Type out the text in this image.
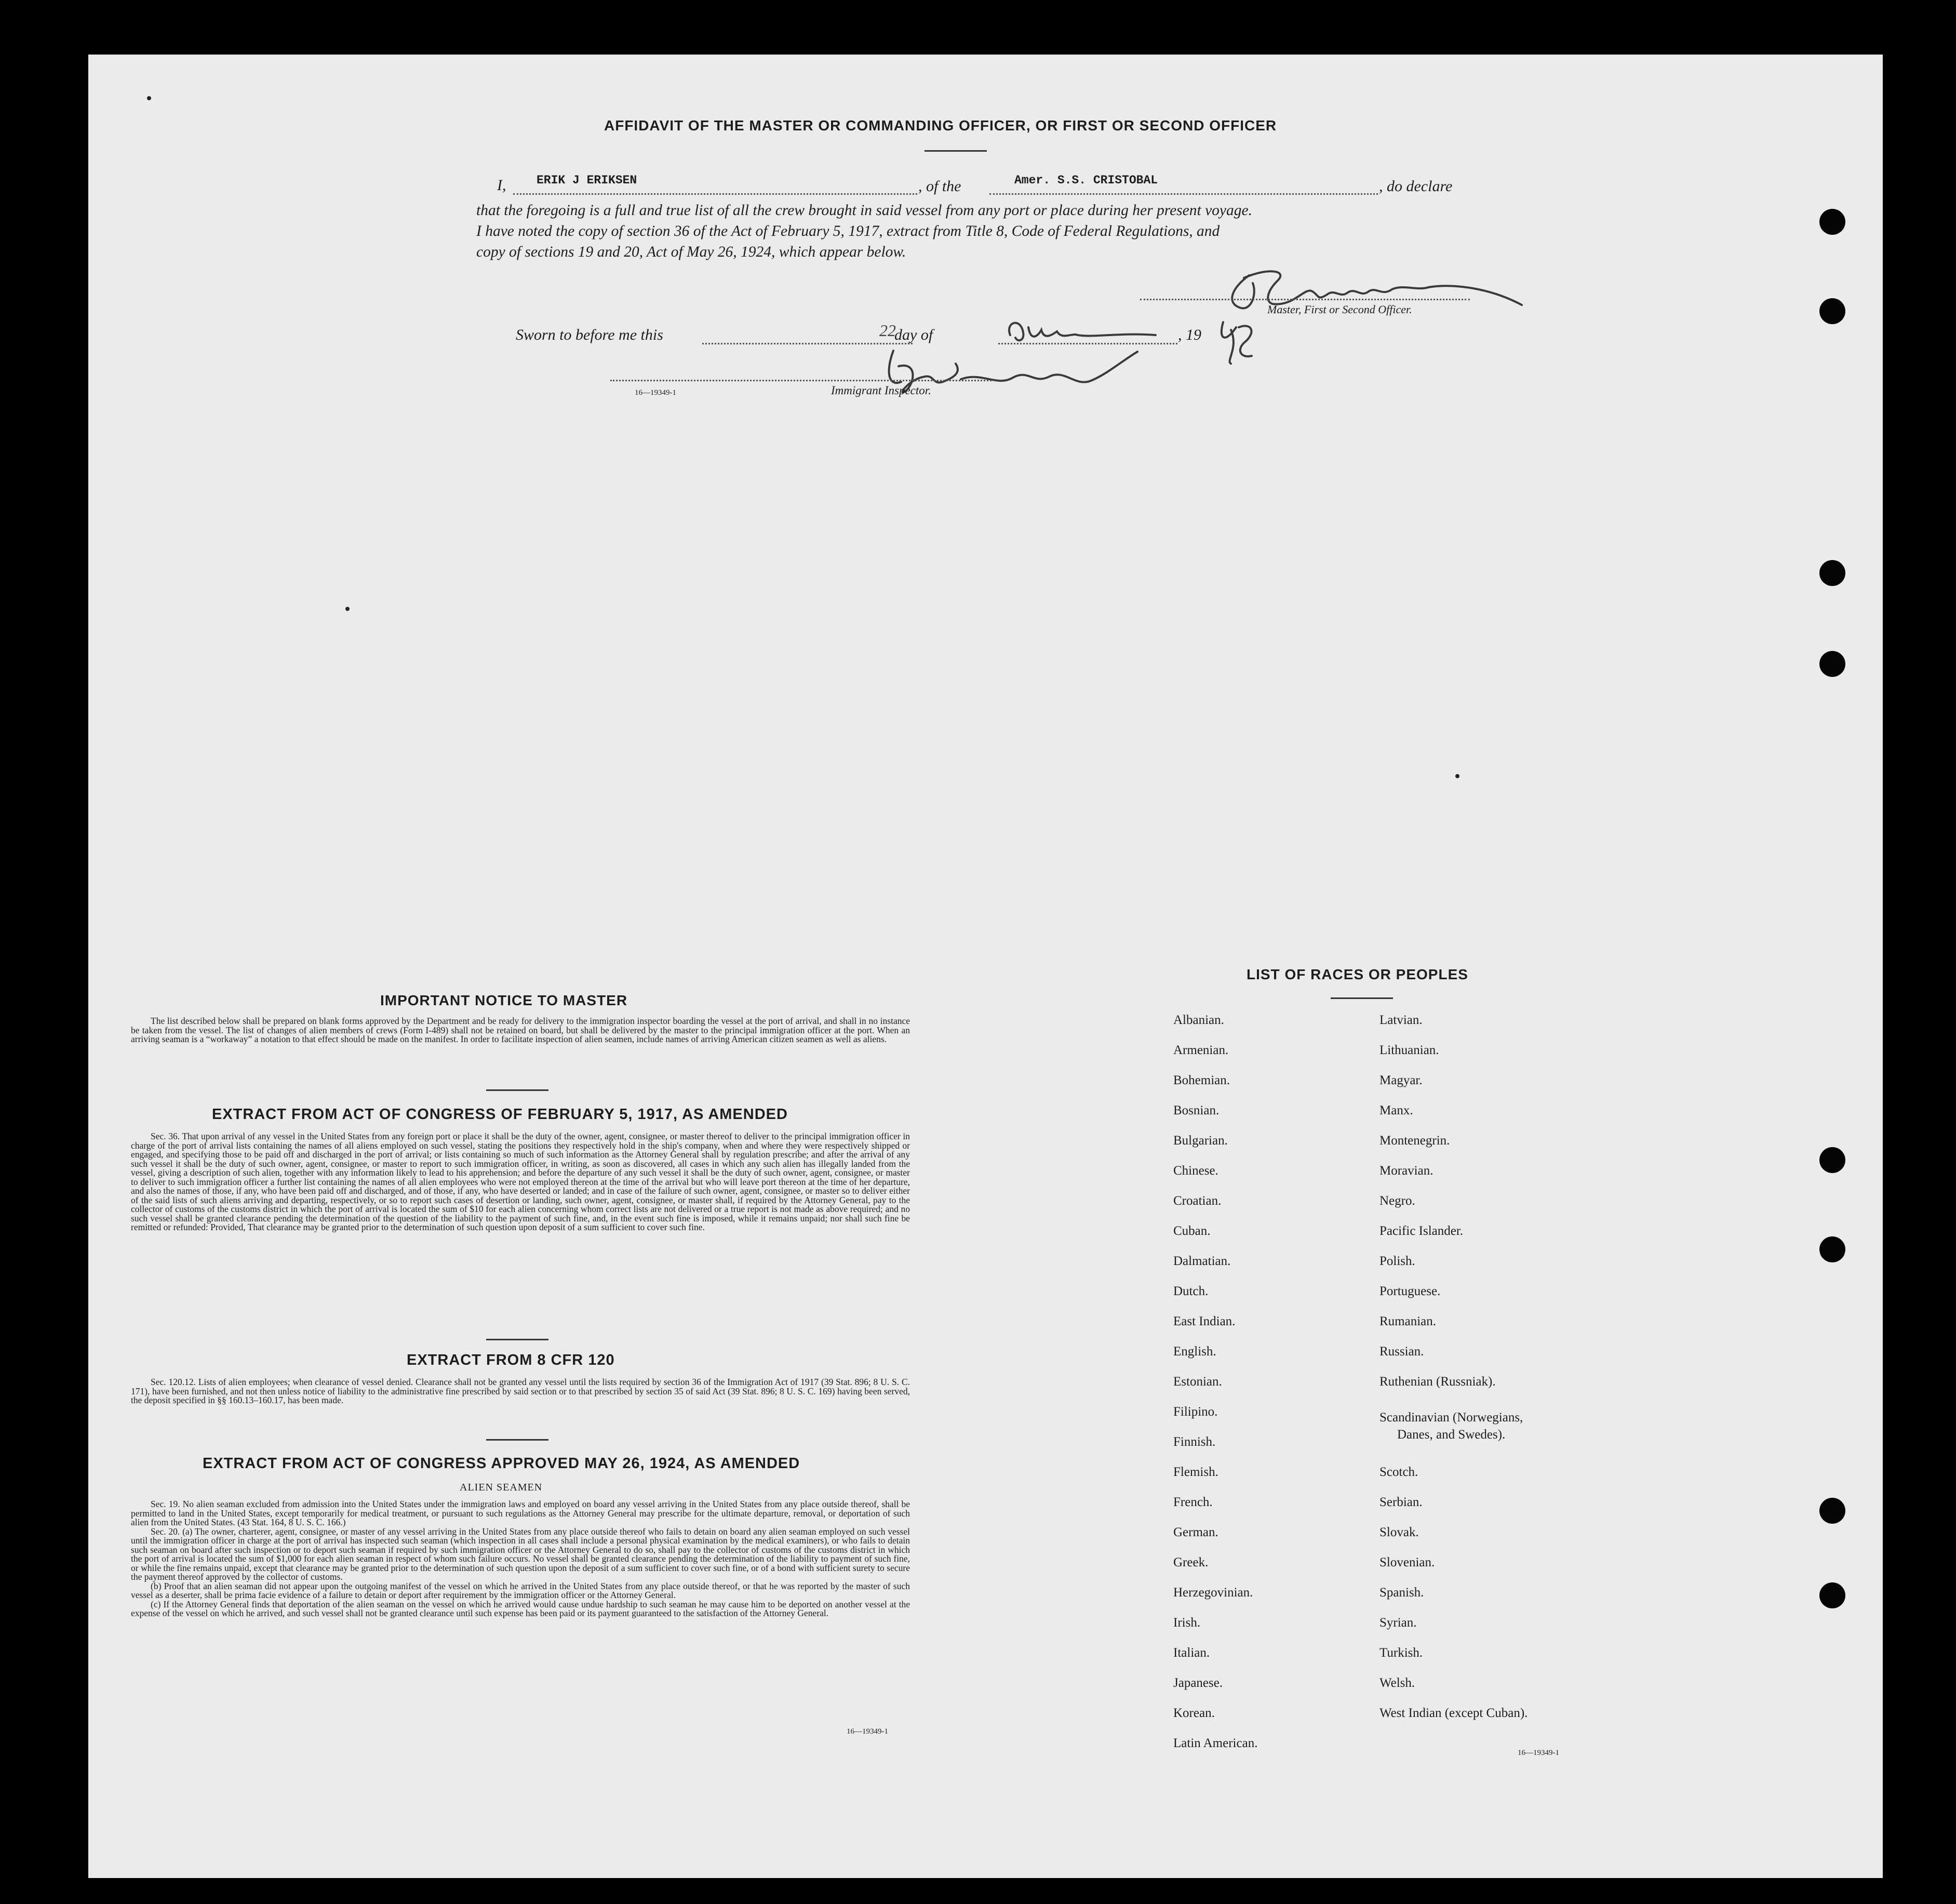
AFFIDAVIT OF THE MASTER OR COMMANDING OFFICER, OR FIRST OR SECOND OFFICER
I,	ERIK J ERIKSEN	, of the	Amer. S.S. CRISTOBAL	, do declare
that the foregoing is a full and true list of all the crew brought in said vessel from any port or place during her present voyage.
I have noted the copy of section 36 of the Act of February 5, 1917, extract from Title 8, Code of Federal Regulations, and
copy of sections 19 and 20, Act of May 26, 1924, which appear below.
Master, First or Second Officer.
Sworn to before me this	22
day of	, 19
Immigrant Inspector.
16—19349-1
IMPORTANT NOTICE TO MASTER

The list described below shall be prepared on blank forms approved by the Department and be ready for delivery to the immigration inspector boarding the vessel at the port of arrival, and shall in no instance be taken from the vessel. The list of changes of alien members of crews (Form I-489) shall not be retained on board, but shall be delivered by the master to the principal immigration officer at the port. When an arriving seaman is a “workaway” a notation to that effect should be made on the manifest. In order to facilitate inspection of alien seamen, include names of arriving American citizen seamen as well as aliens.

EXTRACT FROM ACT OF CONGRESS OF FEBRUARY 5, 1917, AS AMENDED

Sec. 36. That upon arrival of any vessel in the United States from any foreign port or place it shall be the duty of the owner, agent, consignee, or master thereof to deliver to the principal immigration officer in charge of the port of arrival lists containing the names of all aliens employed on such vessel, stating the positions they respectively hold in the ship's company, when and where they were respectively shipped or engaged, and specifying those to be paid off and discharged in the port of arrival; or lists containing so much of such information as the Attorney General shall by regulation prescribe; and after the arrival of any such vessel it shall be the duty of such owner, agent, consignee, or master to report to such immigration officer, in writing, as soon as discovered, all cases in which any such alien has illegally landed from the vessel, giving a description of such alien, together with any information likely to lead to his apprehension; and before the departure of any such vessel it shall be the duty of such owner, agent, consignee, or master to deliver to such immigration officer a further list containing the names of all alien employees who were not employed thereon at the time of the arrival but who will leave port thereon at the time of her departure, and also the names of those, if any, who have been paid off and discharged, and of those, if any, who have deserted or landed; and in case of the failure of such owner, agent, consignee, or master so to deliver either of the said lists of such aliens arriving and departing, respectively, or so to report such cases of desertion or landing, such owner, agent, consignee, or master shall, if required by the Attorney General, pay to the collector of customs of the customs district in which the port of arrival is located the sum of $10 for each alien concerning whom correct lists are not delivered or a true report is not made as above required; and no such vessel shall be granted clearance pending the determination of the question of the liability to the payment of such fine, and, in the event such fine is imposed, while it remains unpaid; nor shall such fine be remitted or refunded: Provided, That clearance may be granted prior to the determination of such question upon deposit of a sum sufficient to cover such fine.

EXTRACT FROM 8 CFR 120

Sec. 120.12. Lists of alien employees; when clearance of vessel denied. Clearance shall not be granted any vessel until the lists required by section 36 of the Immigration Act of 1917 (39 Stat. 896; 8 U. S. C. 171), have been furnished, and not then unless notice of liability to the administrative fine prescribed by said section or to that prescribed by section 35 of said Act (39 Stat. 896; 8 U. S. C. 169) having been served, the deposit specified in §§ 160.13–160.17, has been made.

EXTRACT FROM ACT OF CONGRESS APPROVED MAY 26, 1924, AS AMENDED
ALIEN SEAMEN

Sec. 19. No alien seaman excluded from admission into the United States under the immigration laws and employed on board any vessel arriving in the United States from any place outside thereof, shall be permitted to land in the United States, except temporarily for medical treatment, or pursuant to such regulations as the Attorney General may prescribe for the ultimate departure, removal, or deportation of such alien from the United States. (43 Stat. 164, 8 U. S. C. 166.)

Sec. 20. (a) The owner, charterer, agent, consignee, or master of any vessel arriving in the United States from any place outside thereof who fails to detain on board any alien seaman employed on such vessel until the immigration officer in charge at the port of arrival has inspected such seaman (which inspection in all cases shall include a personal physical examination by the medical examiners), or who fails to detain such seaman on board after such inspection or to deport such seaman if required by such immigration officer or the Attorney General to do so, shall pay to the collector of customs of the customs district in which the port of arrival is located the sum of $1,000 for each alien seaman in respect of whom such failure occurs. No vessel shall be granted clearance pending the determination of the liability to payment of such fine, or while the fine remains unpaid, except that clearance may be granted prior to the determination of such question upon the deposit of a sum sufficient to cover such fine, or of a bond with sufficient surety to secure the payment thereof approved by the collector of customs.

(b) Proof that an alien seaman did not appear upon the outgoing manifest of the vessel on which he arrived in the United States from any place outside thereof, or that he was reported by the master of such vessel as a deserter, shall be prima facie evidence of a failure to detain or deport after requirement by the immigration officer or the Attorney General.

(c) If the Attorney General finds that deportation of the alien seaman on the vessel on which he arrived would cause undue hardship to such seaman he may cause him to be deported on another vessel at the expense of the vessel on which he arrived, and such vessel shall not be granted clearance until such expense has been paid or its payment guaranteed to the satisfaction of the Attorney General.

16—19349-1
LIST OF RACES OR PEOPLES
Albanian.
Armenian.
Bohemian.
Bosnian.
Bulgarian.
Chinese.
Croatian.
Cuban.
Dalmatian.
Dutch.
East Indian.
English.
Estonian.
Filipino.
Finnish.
Flemish.
French.
German.
Greek.
Herzegovinian.
Irish.
Italian.
Japanese.
Korean.
Latin American.
Latvian.
Lithuanian.
Magyar.
Manx.
Montenegrin.
Moravian.
Negro.
Pacific Islander.
Polish.
Portuguese.
Rumanian.
Russian.
Ruthenian (Russniak).
Scandinavian (Norwegians,
Danes, and Swedes).
Scotch.
Serbian.
Slovak.
Slovenian.
Spanish.
Syrian.
Turkish.
Welsh.
West Indian (except Cuban).
16—19349-1
